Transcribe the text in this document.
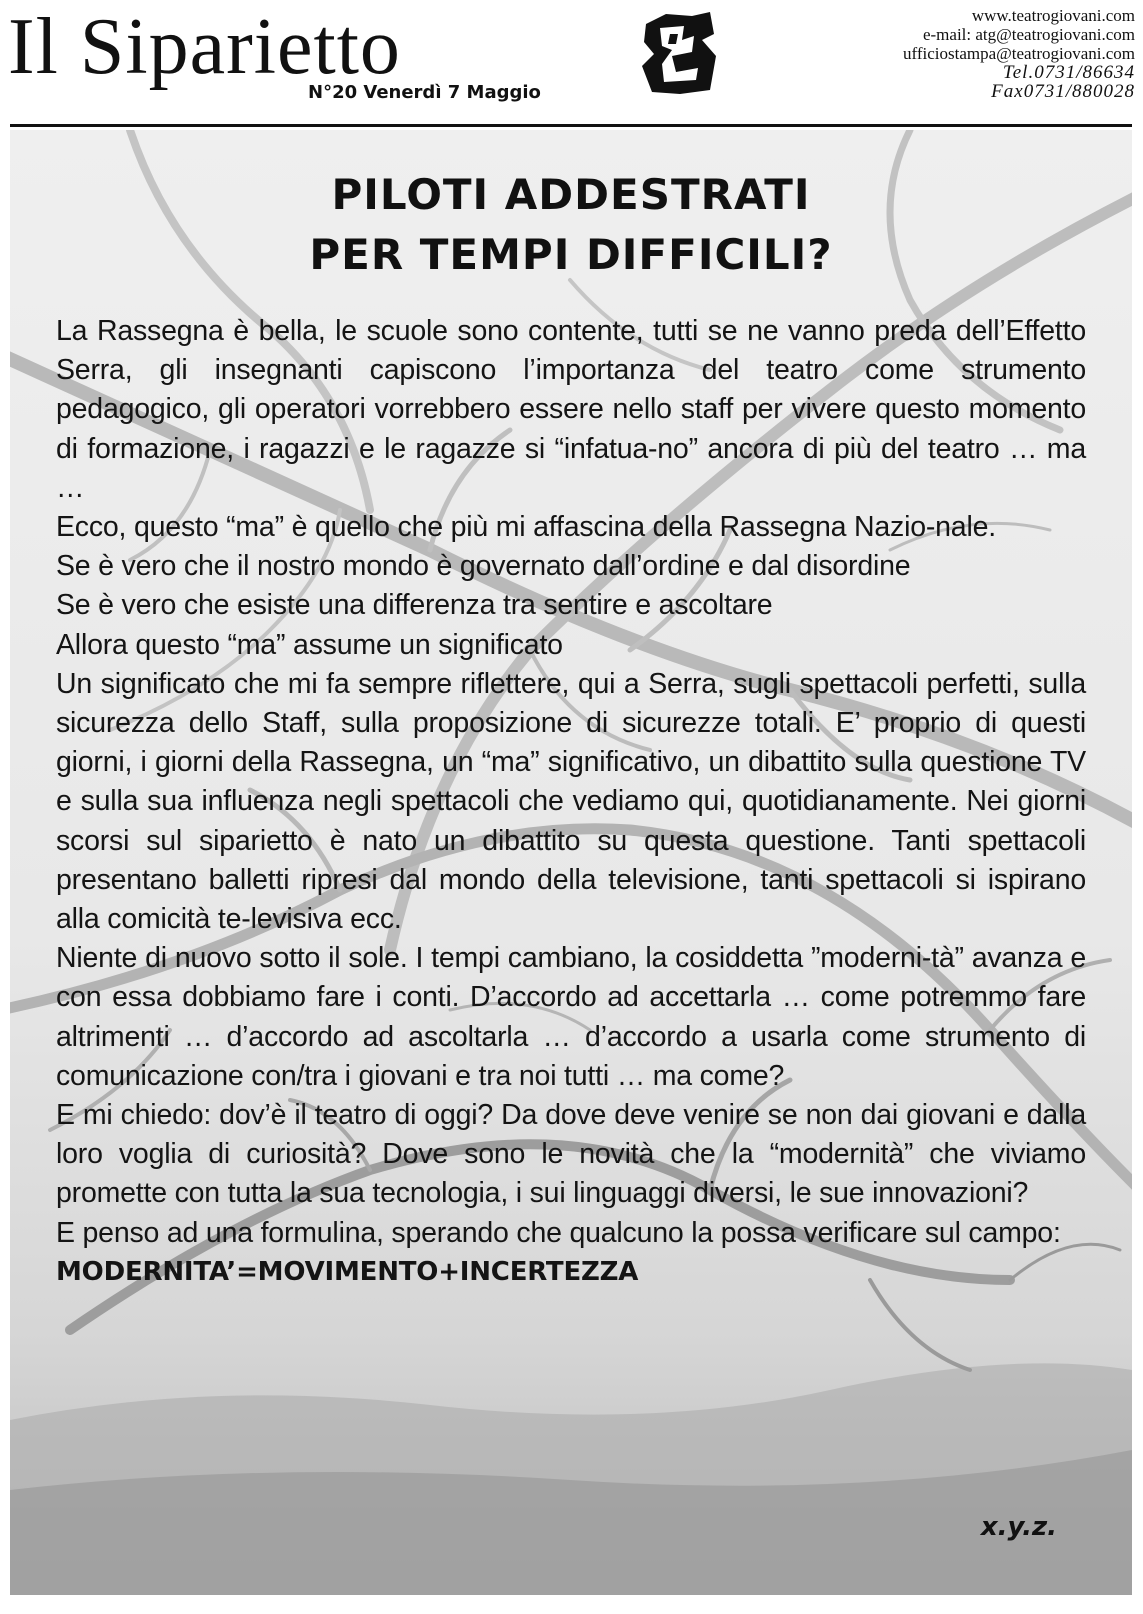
Il Siparietto
N°20 Venerdì 7 Maggio
www.teatrogiovani.com
e-mail: atg@teatrogiovani.com
ufficiostampa@teatrogiovani.com
Tel.0731/86634
Fax0731/880028
PILOTI ADDESTRATI
PER TEMPI DIFFICILI?

La Rassegna è bella, le scuole sono contente, tutti se ne vanno preda dell’Effetto Serra, gli insegnanti capiscono l’importanza del teatro come strumento pedagogico, gli operatori vorrebbero essere nello staff per vivere questo momento di formazione, i ragazzi e le ragazze si “infatua-no” ancora di più del teatro … ma …

Ecco, questo “ma” è quello che più mi affascina della Rassegna Nazio-nale.

Se è vero che il nostro mondo è governato dall’ordine e dal disordine

Se è vero che esiste una differenza tra sentire e ascoltare

Allora questo “ma” assume un significato

Un significato che mi fa sempre riflettere, qui a Serra, sugli spettacoli perfetti, sulla sicurezza dello Staff, sulla proposizione di sicurezze totali. E’ proprio di questi giorni, i giorni della Rassegna, un “ma” significativo, un dibattito sulla questione TV e sulla sua influenza negli spettacoli che vediamo qui, quotidianamente. Nei giorni scorsi sul siparietto è nato un dibattito su questa questione. Tanti spettacoli presentano balletti ripresi dal mondo della televisione, tanti spettacoli si ispirano alla comicità te-levisiva ecc.

Niente di nuovo sotto il sole. I tempi cambiano, la cosiddetta ”moderni-tà” avanza e con essa dobbiamo fare i conti. D’accordo ad accettarla … come potremmo fare altrimenti … d’accordo ad ascoltarla … d’accordo a usarla come strumento di comunicazione con/tra i giovani e tra noi tutti … ma come?

E mi chiedo: dov’è il teatro di oggi? Da dove deve venire se non dai giovani e dalla loro voglia di curiosità? Dove sono le novità che la “modernità” che viviamo promette con tutta la sua tecnologia, i sui linguaggi diversi, le sue innovazioni?

E penso ad una formulina, sperando che qualcuno la possa verificare sul campo:

MODERNITA’=MOVIMENTO+INCERTEZZA

x.y.z.
